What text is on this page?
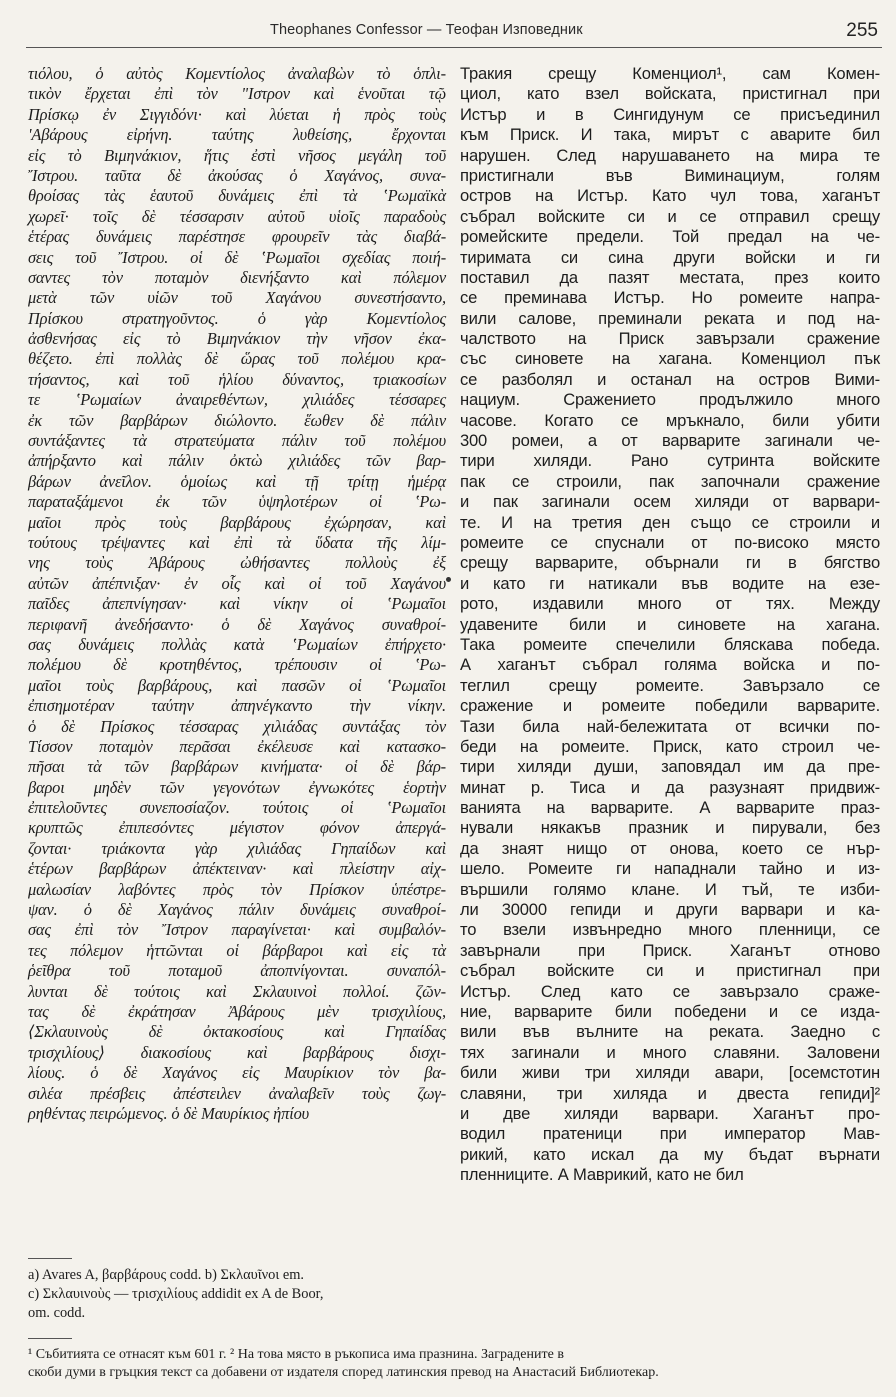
Theophanes Confessor — Теофан Изповедник	255
τιόλου, ὁ αὐτὸς Κομεντίολος ἀναλαβὼν τὸ ὁπλι-
τικὸν ἔρχεται ἐπὶ τὸν "Ιστρον καὶ ἑνοῦται τῷ
Πρίσκῳ ἐν Σιγγιδόνι· καὶ λύεται ἡ πρὸς τοὺς
'Αβάρους εἰρήνη. ταύτης λυθείσης, ἔρχονται
εἰς τὸ Βιμηνάκιον, ἥτις ἐστὶ νῆσος μεγάλη τοῦ
Ἴστρου. ταῦτα δὲ ἀκούσας ὁ Χαγάνος, συνα-
θροίσας τὰς ἑαυτοῦ δυνάμεις ἐπὶ τὰ ʽΡωμαϊκὰ
χωρεῖ· τοῖς δὲ τέσσαρσιν αὐτοῦ υἱοῖς παραδοὺς
ἑτέρας δυνάμεις παρέστησε φρουρεῖν τὰς διαβά-
σεις τοῦ Ἴστρου. οἱ δὲ ʽΡωμαῖοι σχεδίας ποιή-
σαντες τὸν ποταμὸν διενήξαντο καὶ πόλεμον
μετὰ τῶν υἱῶν τοῦ Χαγάνου συνεστήσαντο,
Πρίσκου στρατηγοῦντος. ὁ γὰρ Κομεντίολος
ἀσθενήσας εἰς τὸ Βιμηνάκιον τὴν νῆσον ἐκα-
θέζετο. ἐπὶ πολλὰς δὲ ὥρας τοῦ πολέμου κρα-
τήσαντος, καὶ τοῦ ἡλίου δύναντος, τριακοσίων
τε ʽΡωμαίων ἀναιρεθέντων, χιλιάδες τέσσαρες
ἐκ τῶν βαρβάρων διώλοντο. ἕωθεν δὲ πάλιν
συντάξαντες τὰ στρατεύματα πάλιν τοῦ πολέμου
ἀπήρξαντο καὶ πάλιν ὀκτὼ χιλιάδες τῶν βαρ-
βάρων ἀνεῖλον. ὁμοίως καὶ τῇ τρίτῃ ἡμέρᾳ
παραταξάμενοι ἐκ τῶν ὑψηλοτέρων οἱ ʽΡω-
μαῖοι πρὸς τοὺς βαρβάρους ἐχώρησαν, καὶ
τούτους τρέψαντες καὶ ἐπὶ τὰ ὕδατα τῆς λίμ-
νης τοὺς Ἀβάρους ὠθήσαντες πολλοὺς ἐξ
αὐτῶν ἀπέπνιξαν· ἐν οἷς καὶ οἱ τοῦ Χαγάνου
παῖδες ἀπεπνίγησαν· καὶ νίκην οἱ ʽΡωμαῖοι
περιφανῆ ἀνεδήσαντο· ὁ δὲ Χαγάνος συναθροί-
σας δυνάμεις πολλὰς κατὰ ʽΡωμαίων ἐπήρχετο·
πολέμου δὲ κροτηθέντος, τρέπουσιν οἱ ʽΡω-
μαῖοι τοὺς βαρβάρους, καὶ πασῶν οἱ ʽΡωμαῖοι
ἐπισημοτέραν ταύτην ἀπηνέγκαντο τὴν νίκην.
ὁ δὲ Πρίσκος τέσσαρας χιλιάδας συντάξας τὸν
Τίσσον ποταμὸν περᾶσαι ἐκέλευσε καὶ κατασκο-
πῆσαι τὰ τῶν βαρβάρων κινήματα· οἱ δὲ βάρ-
βαροι μηδὲν τῶν γεγονότων ἐγνωκότες ἑορτὴν
ἐπιτελοῦντες συνεποσίαζον. τούτοις οἱ ʽΡωμαῖοι
κρυπτῶς ἐπιπεσόντες μέγιστον φόνον ἀπεργά-
ζονται· τριάκοντα γὰρ χιλιάδας Γηπαίδων καὶ
ἑτέρων βαρβάρων ἀπέκτειναν· καὶ πλείστην αἰχ-
μαλωσίαν λαβόντες πρὸς τὸν Πρίσκον ὑπέστρε-
ψαν. ὁ δὲ Χαγάνος πάλιν δυνάμεις συναθροί-
σας ἐπὶ τὸν Ἴστρον παραγίνεται· καὶ συμβαλόν-
τες πόλεμον ἡττῶνται οἱ βάρβαροι καὶ εἰς τὰ
ῥεῖθρα τοῦ ποταμοῦ ἀποπνίγονται. συναπόλ-
λυνται δὲ τούτοις καὶ Σκλαυινοὶ πολλοί. ζῶν-
τας δὲ ἐκράτησαν Ἀβάρους μὲν τρισχιλίους,
⟨Σκλαυινοὺς δὲ ὀκτακοσίους καὶ Γηπαίδας
τρισχιλίους⟩ διακοσίους καὶ βαρβάρους δισχι-
λίους. ὁ δὲ Χαγάνος εἰς Μαυρίκιον τὸν βα-
σιλέα πρέσβεις ἀπέστειλεν ἀναλαβεῖν τοὺς ζωγ-
ρηθέντας πειρώμενος. ὁ δὲ Μαυρίκιος ἠπίου
Тракия срещу Коменциол¹, сам Комен-
циол, като взел войската, пристигнал при
Истър и в Сингидунум се присъединил
към Приск. И така, мирът с аварите бил
нарушен. След нарушаването на мира те
пристигнали във Виминациум, голям
остров на Истър. Като чул това, хаганът
събрал войските си и се отправил срещу
ромейските предели. Той предал на че-
тиримата си сина други войски и ги
поставил да пазят местата, през които
се преминава Истър. Но ромеите напра-
вили салове, преминали реката и под на-
чалството на Приск завързали сражение
със синовете на хагана. Коменциол пък
се разболял и останал на остров Вими-
нациум. Сражението продължило много
часове. Когато се мръкнало, били убити
300 ромеи, а от варварите загинали че-
тири хиляди. Рано сутринта войските
пак се строили, пак започнали сражение
и пак загинали осем хиляди от варвари-
те. И на третия ден също се строили и
ромеите се спуснали от по-високо място
срещу варварите, обърнали ги в бягство
и като ги натикали във водите на езе-
рото, издавили много от тях. Между
удавените били и синовете на хагана.
Така ромеите спечелили бляскава победа.
А хаганът събрал голяма войска и по-
теглил срещу ромеите. Завързало се
сражение и ромеите победили варварите.
Тази била най-бележитата от всички по-
беди на ромеите. Приск, като строил че-
тири хиляди души, заповядал им да пре-
минат р. Тиса и да разузнаят придвиж-
ванията на варварите. А варварите праз-
нували някакъв празник и пирували, без
да знаят нищо от онова, което се нър-
шело. Ромеите ги нападнали тайно и из-
вършили голямо клане. И тъй, те изби-
ли 30000 гепиди и други варвари и ка-
то взели извънредно много пленници, се
завърнали при Приск. Хаганът отново
събрал войските си и пристигнал при
Истър. След като се завързало сраже-
ние, варварите били победени и се изда-
вили във вълните на реката. Заедно с
тях загинали и много славяни. Заловени
били живи три хиляди авари, [осемстотин
славяни, три хиляда и двеста гепиди]²
и две хиляди варвари. Хаганът про-
водил пратеници при император Мав-
рикий, като искал да му бъдат върнати
пленниците. А Маврикий, като не бил
a) Avares A, βαρβάρους codd. b) Σκλαυῖνοι em.
c) Σκλαυινοὺς — τρισχιλίους addidit ex A de Boor,
om. codd.
¹ Събитията се отнасят към 601 г. ² На това място в ръкописа има празнина. Заградените в
скоби думи в гръцкия текст са добавени от издателя според латинския превод на Анастасий Библиотекар.
